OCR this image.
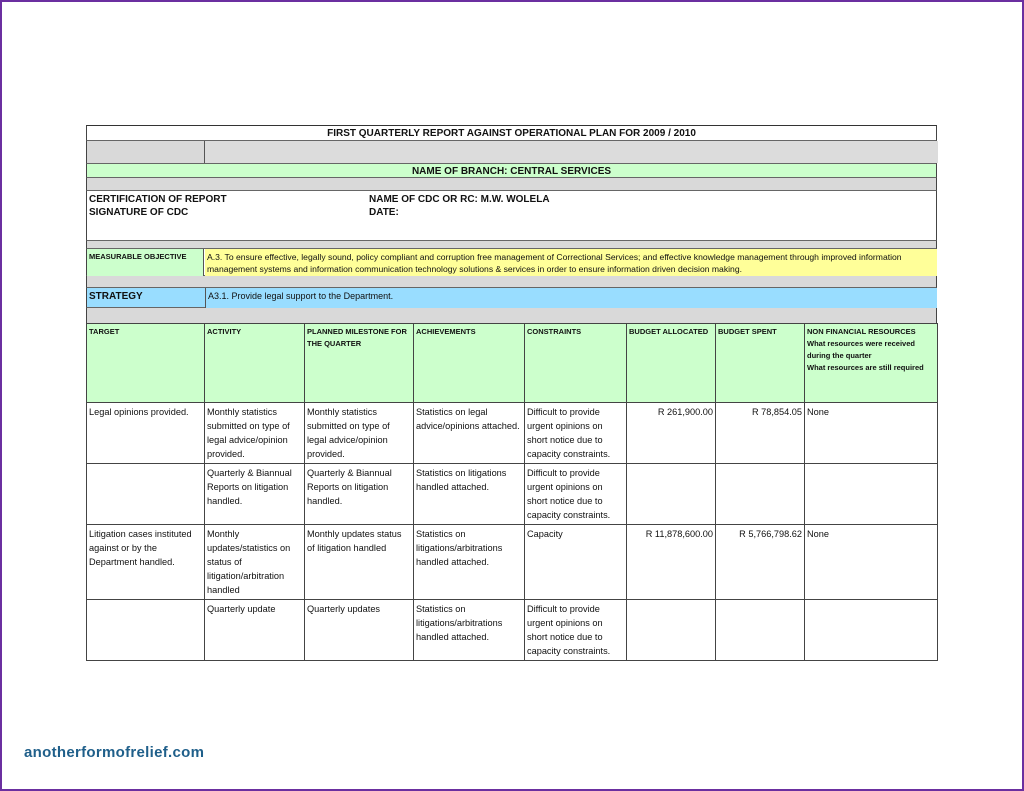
FIRST QUARTERLY REPORT AGAINST OPERATIONAL PLAN FOR 2009 / 2010
NAME OF BRANCH: CENTRAL SERVICES
CERTIFICATION OF REPORT
SIGNATURE OF CDC
NAME OF CDC OR RC: M.W. WOLELA
DATE:
MEASURABLE OBJECTIVE	A.3. To ensure effective, legally sound, policy compliant and corruption free management of Correctional Services; and effective knowledge management through improved information management systems and information communication technology solutions & services in order to ensure information driven decision making.
STRATEGY	A3.1. Provide legal support to the Department.
TARGET	ACTIVITY	PLANNED MILESTONE FOR THE QUARTER	ACHIEVEMENTS	CONSTRAINTS	BUDGET ALLOCATED	BUDGET SPENT	NON FINANCIAL RESOURCES
What resources were received during the quarter
What resources are still required

Legal opinions provided.	Monthly statistics submitted on type of legal advice/opinion provided.	Monthly statistics submitted on type of legal advice/opinion provided.	Statistics on legal advice/opinions attached.	Difficult to provide urgent opinions on short notice due to capacity constraints.	R 261,900.00	R 78,854.05	None
	Quarterly & Biannual Reports on litigation handled.	Quarterly & Biannual Reports on litigation handled.	Statistics on litigations handled attached.	Difficult to provide urgent opinions on short notice due to capacity constraints.			
Litigation cases instituted against or by the Department handled.	Monthly updates/statistics on status of litigation/arbitration handled	Monthly updates status of litigation handled	Statistics on litigations/arbitrations handled attached.	Capacity	R 11,878,600.00	R 5,766,798.62	None
	Quarterly update	Quarterly updates	Statistics on litigations/arbitrations handled attached.	Difficult to provide urgent opinions on short notice due to capacity constraints.			
anotherformofrelief.com
